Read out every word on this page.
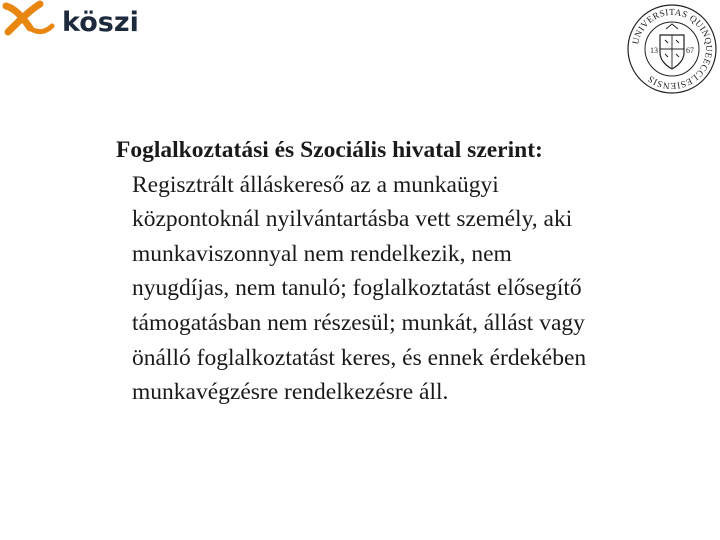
köszi
UNIVERSITAS QUINQUEECCLESIENSIS
13	67
Foglalkoztatási és Szociális hivatal szerint:
Regisztrált álláskereső az a munkaügyi
központoknál nyilvántartásba vett személy, aki
munkaviszonnyal nem rendelkezik, nem
nyugdíjas, nem tanuló; foglalkoztatást elősegítő
támogatásban nem részesül; munkát, állást vagy
önálló foglalkoztatást keres, és ennek érdekében
munkavégzésre rendelkezésre áll.
